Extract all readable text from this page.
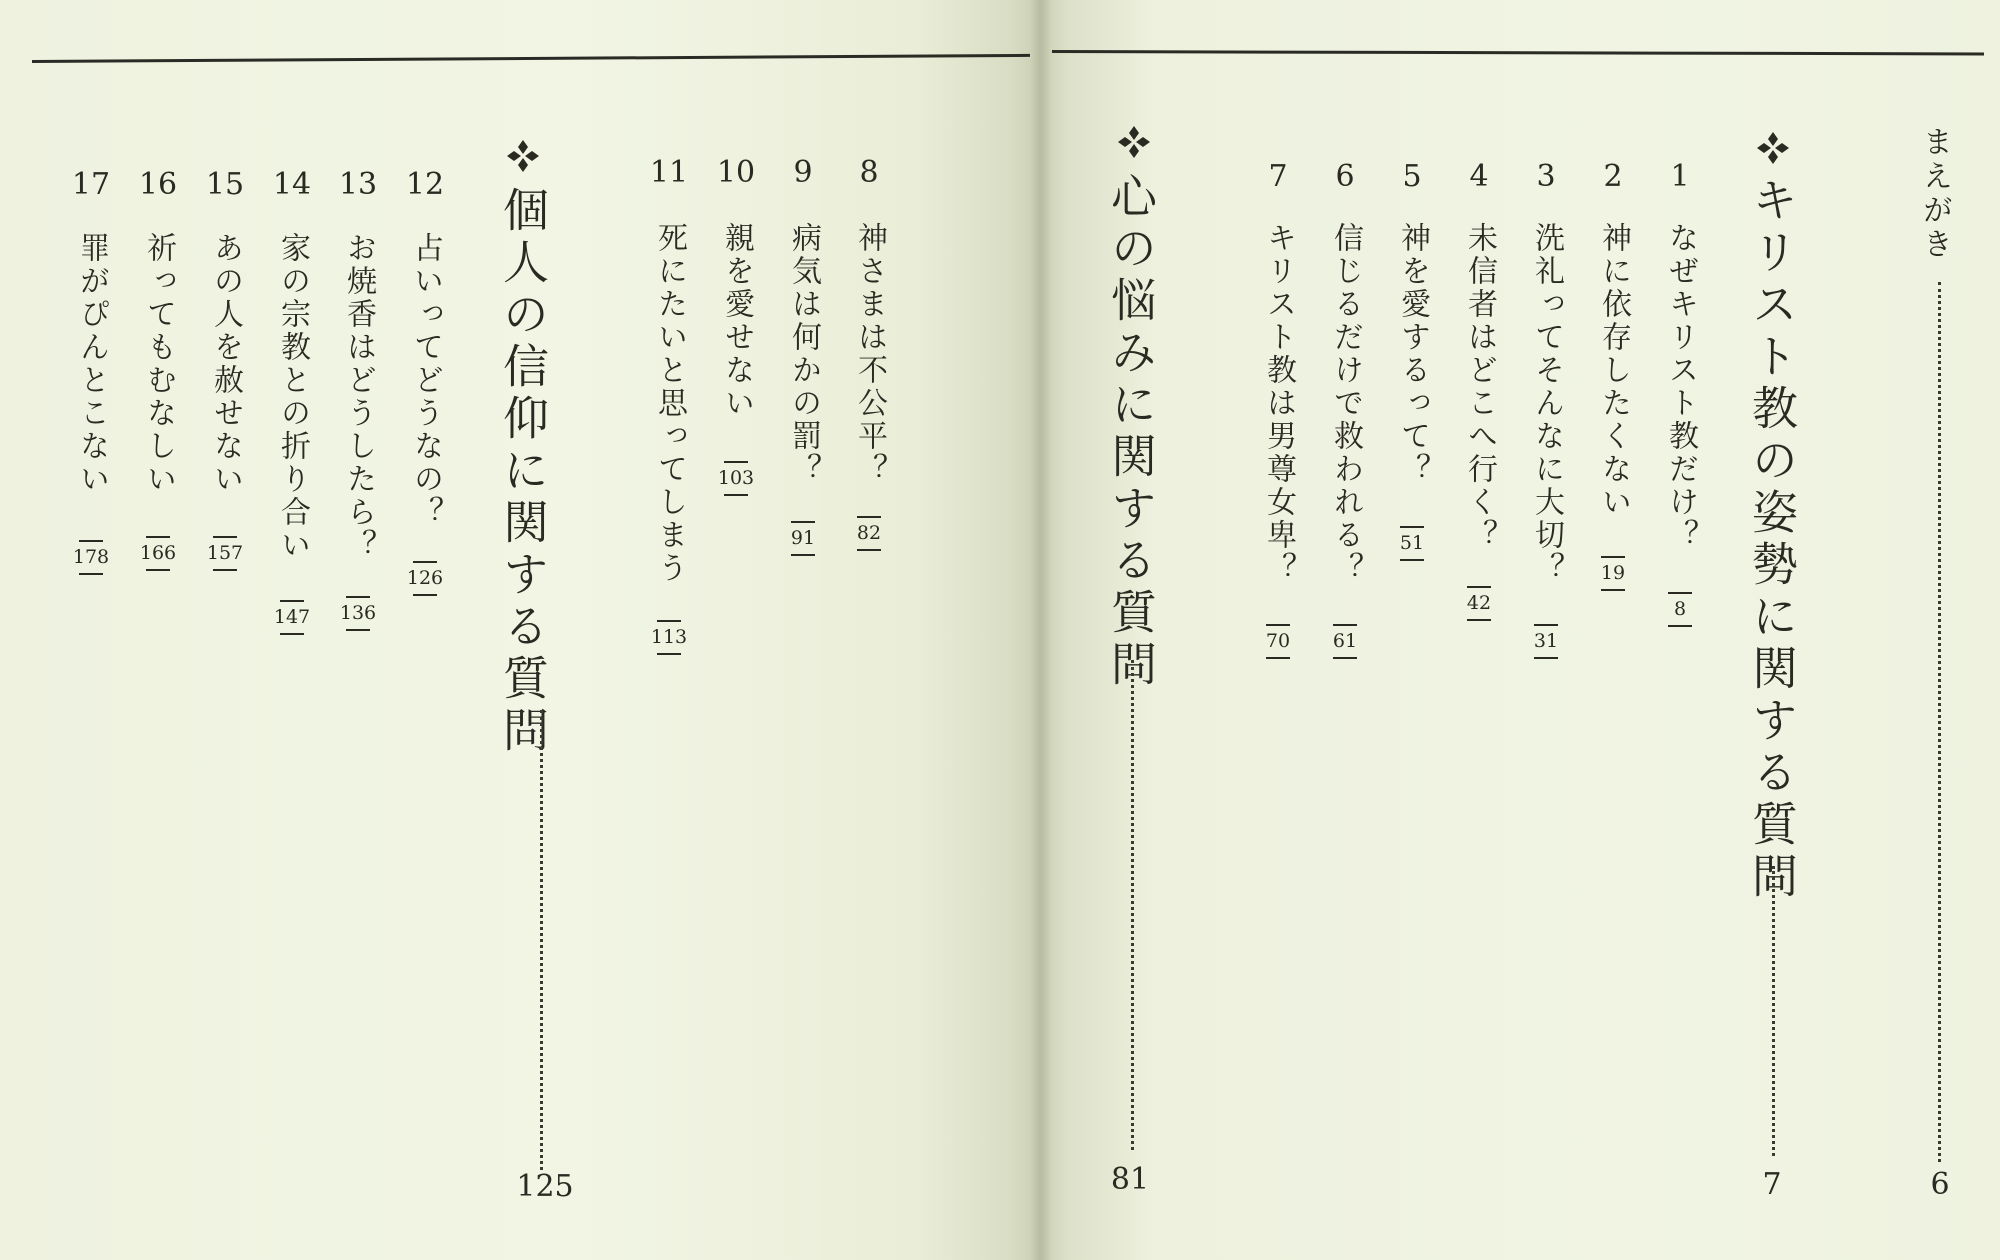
まえがき
6
キリスト教の姿勢に関する質問
7
1
なぜキリスト教だけ？
8
2
神に依存したくない
19
3
洗礼ってそんなに大切？
31
4
未信者はどこへ行く？
42
5
神を愛するって？
51
6
信じるだけで救われる？
61
7
キリスト教は男尊女卑？
70
心の悩みに関する質問
81
8
神さまは不公平？
82
9
病気は何かの罰？
91
10
親を愛せない
103
11
死にたいと思ってしまう
113
個人の信仰に関する質問
125
12
占いってどうなの？
126
13
お焼香はどうしたら？
136
14
家の宗教との折り合い
147
15
あの人を赦せない
157
16
祈ってもむなしい
166
17
罪がぴんとこない
178
